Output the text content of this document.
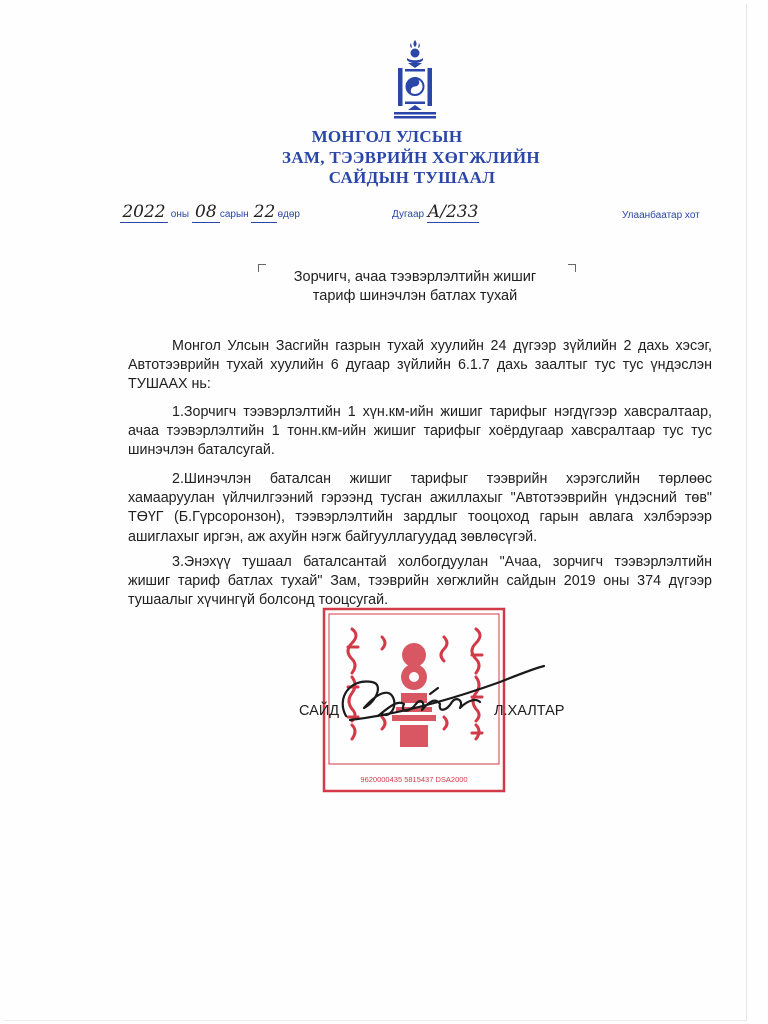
МОНГОЛ УЛСЫН
ЗАМ, ТЭЭВРИЙН ХӨГЖЛИЙН
САЙДЫН ТУШААЛ
2022 оны 08 сарын 22 өдөр	Дугаар А/233	Улаанбаатар хот
Зорчигч, ачаа тээвэрлэлтийн жишиг
тариф шинэчлэн батлах тухай
Монгол Улсын Засгийн газрын тухай хуулийн 24 дүгээр зүйлийн 2 дахь хэсэг, Автотээврийн тухай хуулийн 6 дугаар зүйлийн 6.1.7 дахь заалтыг тус тус үндэслэн ТУШААХ нь:
1.Зорчигч тээвэрлэлтийн 1 хүн.км-ийн жишиг тарифыг нэгдүгээр хавсралтаар, ачаа тээвэрлэлтийн 1 тонн.км-ийн жишиг тарифыг хоёрдугаар хавсралтаар тус тус шинэчлэн баталсугай.
2.Шинэчлэн баталсан жишиг тарифыг тээврийн хэрэгслийн төрлөөс хамааруулан үйлчилгээний гэрээнд тусган ажиллахыг "Автотээврийн үндэсний төв" ТӨҮГ (Б.Гүрсоронзон), тээвэрлэлтийн зардлыг тооцоход гарын авлага хэлбэрээр ашиглахыг иргэн, аж ахуйн нэгж байгууллагуудад зөвлөсүгэй.
3.Энэхүү тушаал баталсантай холбогдуулан "Ачаа, зорчигч тээвэрлэлтийн жишиг тариф батлах тухай" Зам, тээврийн хөгжлийн сайдын 2019 оны 374 дүгээр тушаалыг хүчингүй болсонд тооцсугай.
9620000435 5815437 DSA2000
САЙД	Л.ХАЛТАР
